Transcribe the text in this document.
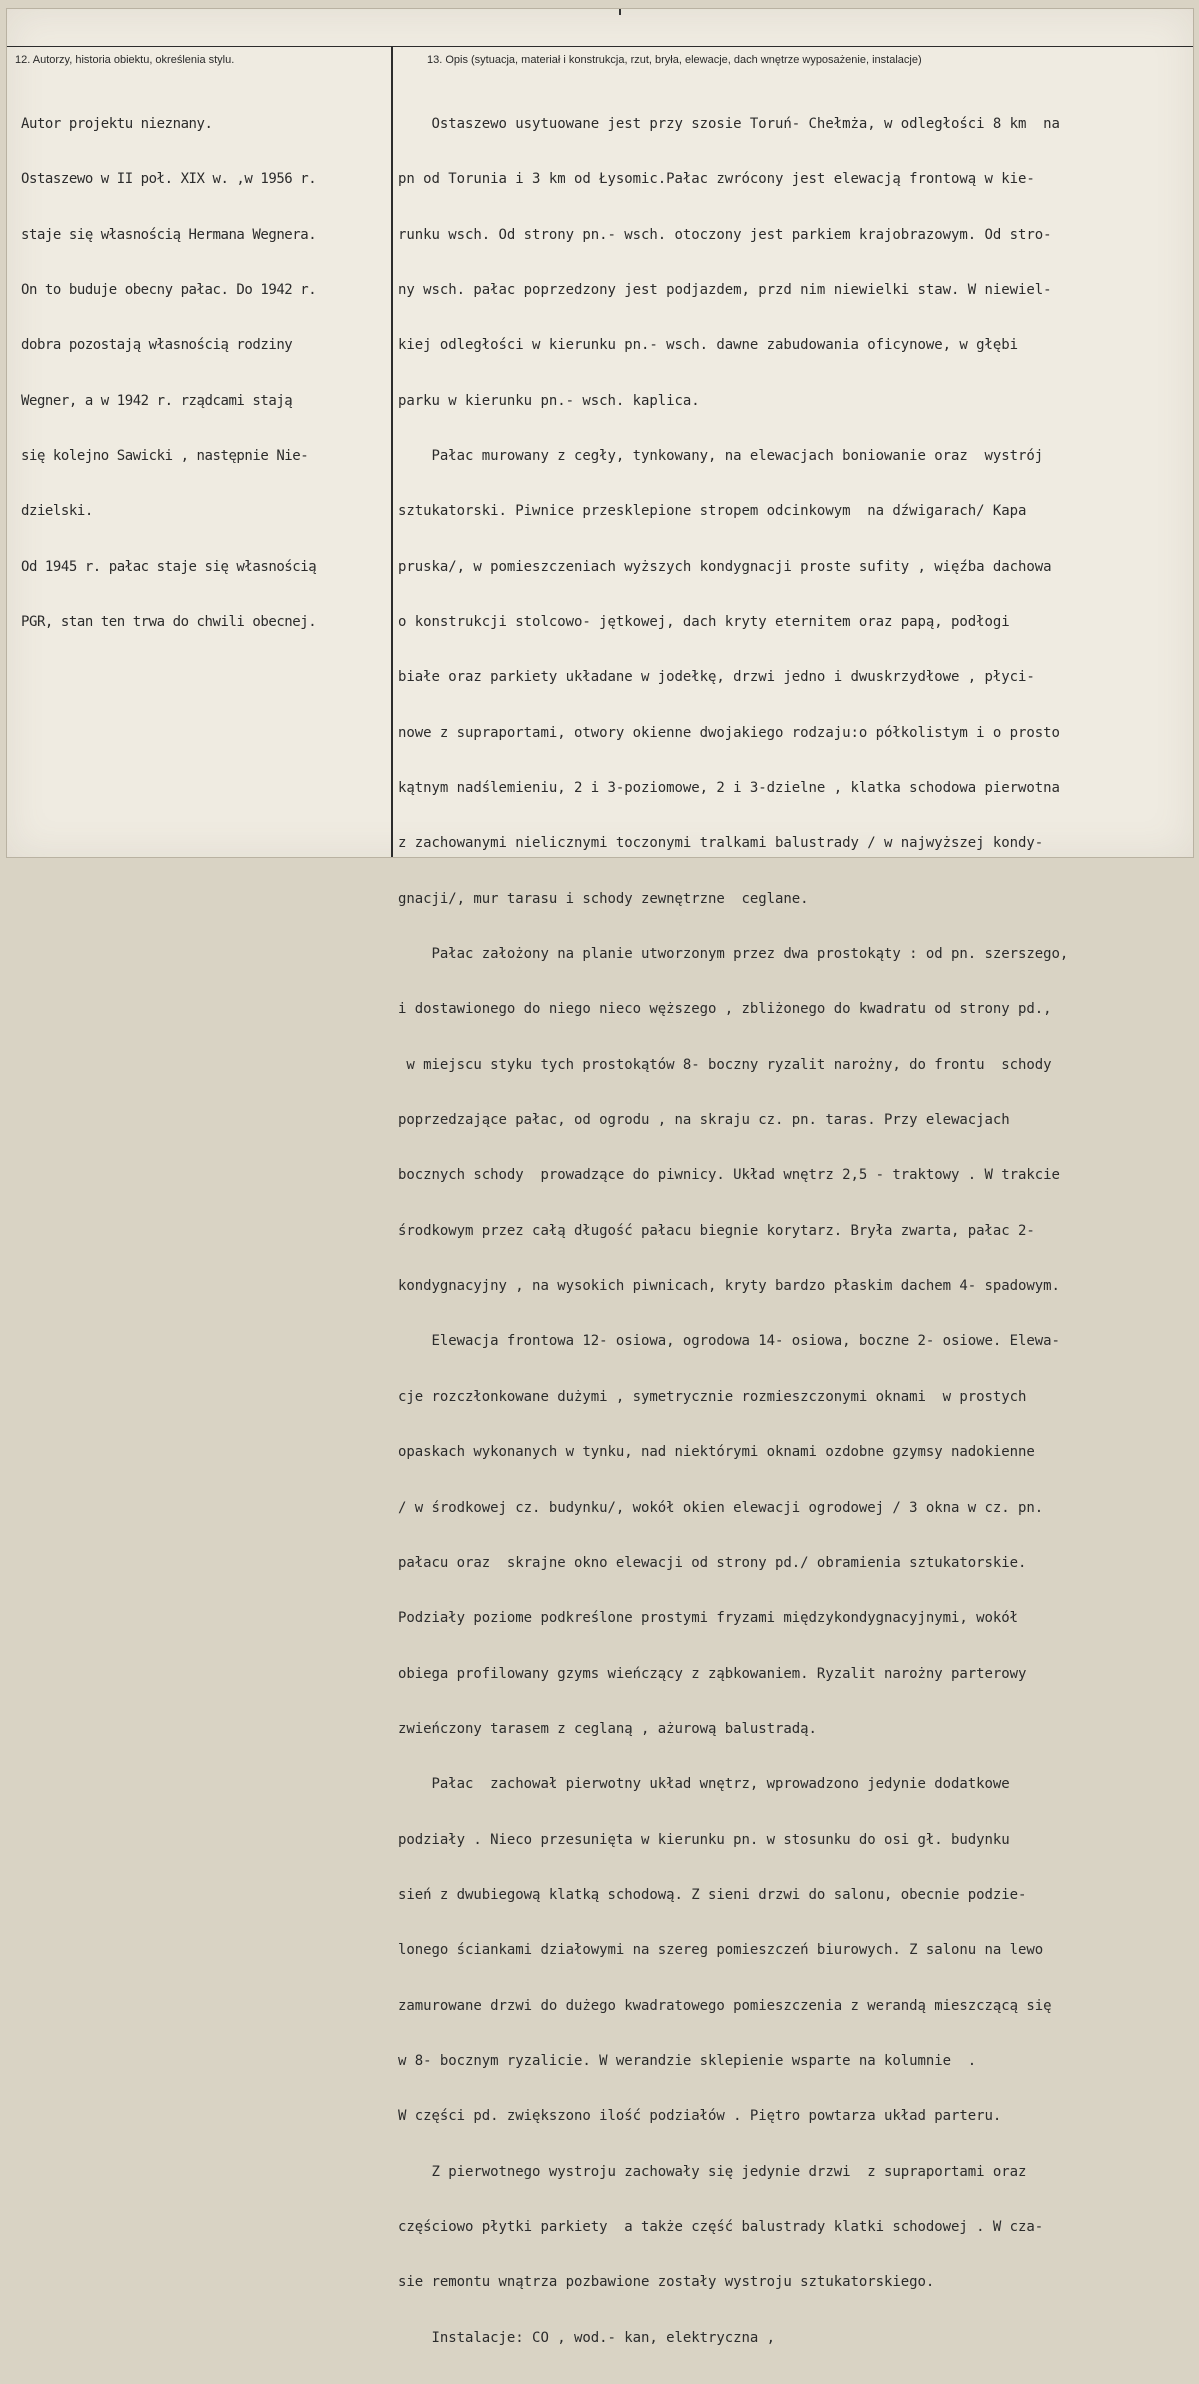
12. Autorzy, historia obiektu, określenia stylu.	13. Opis (sytuacja, materiał i konstrukcja, rzut, bryła, elewacje, dach wnętrze wyposażenie, instalacje)

Autor projektu nieznany.

Ostaszewo w II poł. XIX w. ,w 1956 r.

staje się własnością Hermana Wegnera.

On to buduje obecny pałac. Do 1942 r.

dobra pozostają własnością rodziny

Wegner, a w 1942 r. rządcami stają

się kolejno Sawicki , następnie Nie-

dzielski.

Od 1945 r. pałac staje się własnością

PGR, stan ten trwa do chwili obecnej.

Ostaszewo usytuowane jest przy szosie Toruń- Chełmża, w odległości 8 km  na

pn od Torunia i 3 km od Łysomic.Pałac zwrócony jest elewacją frontową w kie-

runku wsch. Od strony pn.- wsch. otoczony jest parkiem krajobrazowym. Od stro-

ny wsch. pałac poprzedzony jest podjazdem, przd nim niewielki staw. W niewiel-

kiej odległości w kierunku pn.- wsch. dawne zabudowania oficynowe, w głębi

parku w kierunku pn.- wsch. kaplica.

Pałac murowany z cegły, tynkowany, na elewacjach boniowanie oraz  wystrój

sztukatorski. Piwnice przesklepione stropem odcinkowym  na dźwigarach/ Kapa

pruska/, w pomieszczeniach wyższych kondygnacji proste sufity , więźba dachowa

o konstrukcji stolcowo- jętkowej, dach kryty eternitem oraz papą, podłogi

białe oraz parkiety układane w jodełkę, drzwi jedno i dwuskrzydłowe , płyci-

nowe z supraportami, otwory okienne dwojakiego rodzaju:o półkolistym i o prosto

kątnym nadślemieniu, 2 i 3-poziomowe, 2 i 3-dzielne , klatka schodowa pierwotna

z zachowanymi nielicznymi toczonymi tralkami balustrady / w najwyższej kondy-

gnacji/, mur tarasu i schody zewnętrzne  ceglane.

Pałac założony na planie utworzonym przez dwa prostokąty : od pn. szerszego,

i dostawionego do niego nieco węższego , zbliżonego do kwadratu od strony pd.,

w miejscu styku tych prostokątów 8- boczny ryzalit narożny, do frontu  schody

poprzedzające pałac, od ogrodu , na skraju cz. pn. taras. Przy elewacjach

bocznych schody  prowadzące do piwnicy. Układ wnętrz 2,5 - traktowy . W trakcie

środkowym przez całą długość pałacu biegnie korytarz. Bryła zwarta, pałac 2-

kondygnacyjny , na wysokich piwnicach, kryty bardzo płaskim dachem 4- spadowym.

Elewacja frontowa 12- osiowa, ogrodowa 14- osiowa, boczne 2- osiowe. Elewa-

cje rozczłonkowane dużymi , symetrycznie rozmieszczonymi oknami  w prostych

opaskach wykonanych w tynku, nad niektórymi oknami ozdobne gzymsy nadokienne

/ w środkowej cz. budynku/, wokół okien elewacji ogrodowej / 3 okna w cz. pn.

pałacu oraz  skrajne okno elewacji od strony pd./ obramienia sztukatorskie.

Podziały poziome podkreślone prostymi fryzami międzykondygnacyjnymi, wokół

obiega profilowany gzyms wieńczący z ząbkowaniem. Ryzalit narożny parterowy

zwieńczony tarasem z ceglaną , ażurową balustradą.

Pałac  zachował pierwotny układ wnętrz, wprowadzono jedynie dodatkowe

podziały . Nieco przesunięta w kierunku pn. w stosunku do osi gł. budynku

sień z dwubiegową klatką schodową. Z sieni drzwi do salonu, obecnie podzie-

lonego ściankami działowymi na szereg pomieszczeń biurowych. Z salonu na lewo

zamurowane drzwi do dużego kwadratowego pomieszczenia z werandą mieszczącą się

w 8- bocznym ryzalicie. W werandzie sklepienie wsparte na kolumnie  .

W części pd. zwiększono ilość podziałów . Piętro powtarza układ parteru.

Z pierwotnego wystroju zachowały się jedynie drzwi  z supraportami oraz

częściowo płytki parkiety  a także część balustrady klatki schodowej . W cza-

sie remontu wnątrza pozbawione zostały wystroju sztukatorskiego.

Instalacje: CO , wod.- kan, elektryczna ,
